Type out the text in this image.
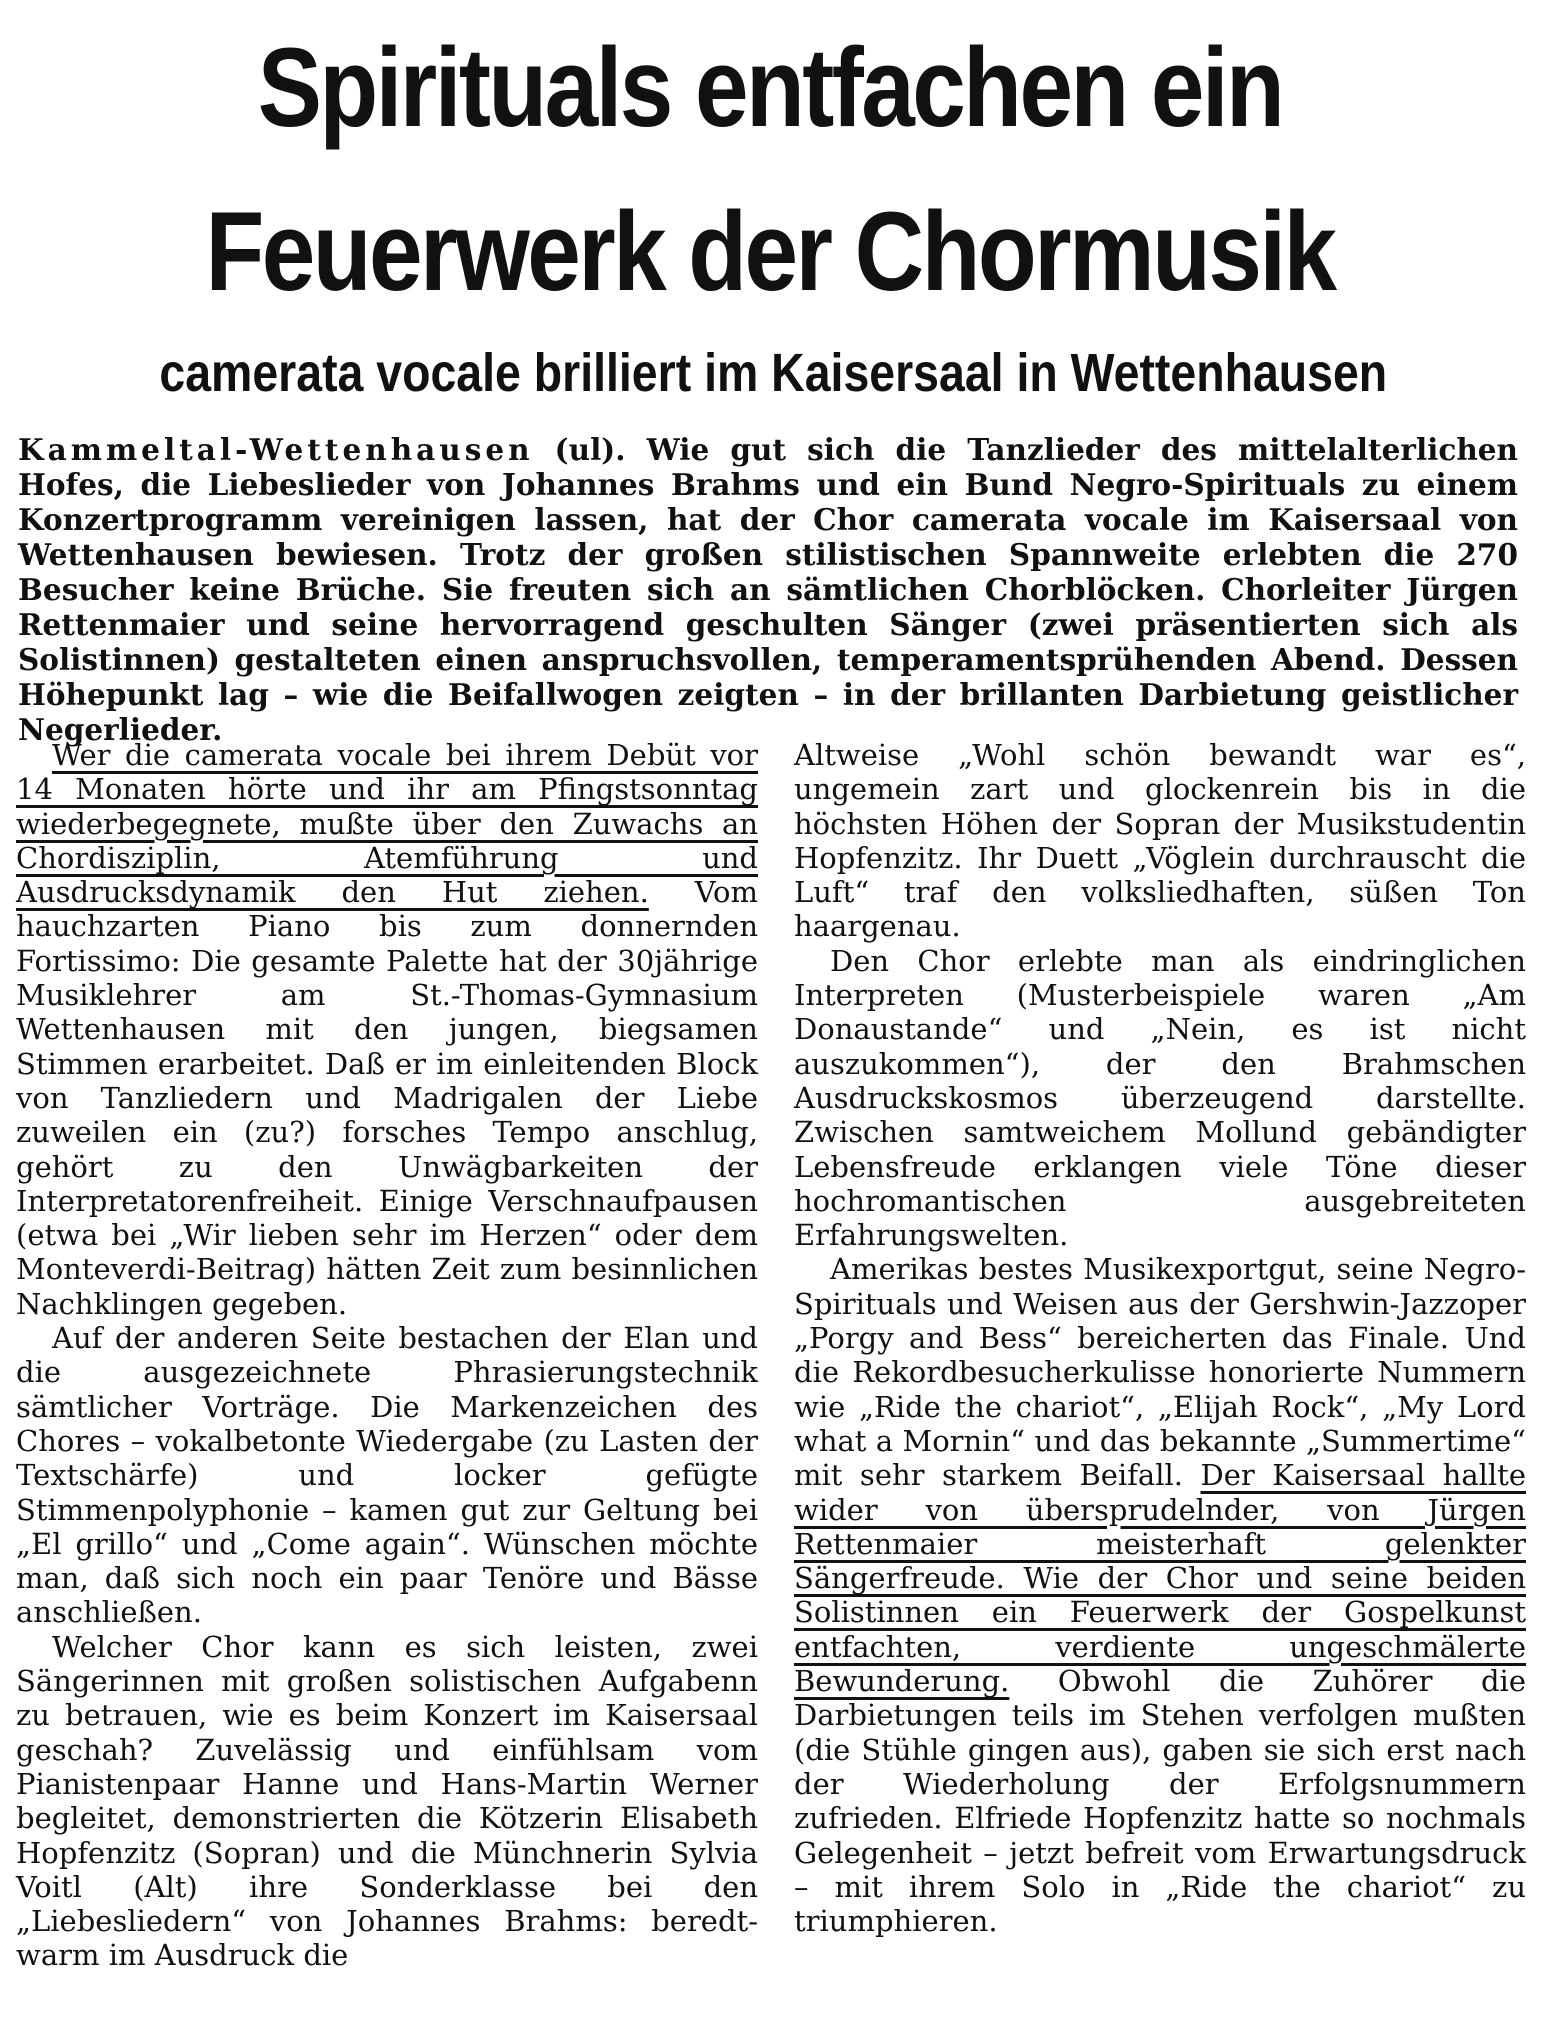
Spirituals entfachen ein
Feuerwerk der Chormusik
camerata vocale brilliert im Kaisersaal in Wettenhausen

Kammeltal-Wettenhausen (ul). Wie gut sich die Tanzlieder des mittelalterlichen Hofes, die Liebeslieder von Johannes Brahms und ein Bund Negro-Spirituals zu einem Konzertprogramm vereinigen lassen, hat der Chor camerata vocale im Kaisersaal von Wettenhausen bewiesen. Trotz der großen stilistischen Spannweite erlebten die 270 Besucher keine Brüche. Sie freuten sich an sämtlichen Chorblöcken. Chorleiter Jürgen Rettenmaier und seine hervorragend geschulten Sänger (zwei präsentierten sich als Solistinnen) gestalteten einen anspruchsvollen, temperamentsprühenden Abend. Dessen Höhepunkt lag – wie die Beifallwogen zeigten – in der brillanten Darbietung geistlicher Negerlieder.

Wer die camerata vocale bei ihrem Debüt vor 14 Monaten hörte und ihr am Pfingstsonntag wiederbegegnete, mußte über den Zuwachs an Chordisziplin, Atemführung und Ausdrucksdynamik den Hut ziehen. Vom hauchzarten Piano bis zum donnernden Fortissimo: Die gesamte Palette hat der 30jährige Musiklehrer am St.-Thomas-Gymnasium Wettenhausen mit den jungen, biegsamen Stimmen erarbeitet. Daß er im einleitenden Block von Tanzliedern und Madrigalen der Liebe zuweilen ein (zu?) forsches Tempo anschlug, gehört zu den Unwägbarkeiten der Interpretatorenfreiheit. Einige Verschnaufpausen (etwa bei „Wir lieben sehr im Herzen“ oder dem Monteverdi-Beitrag) hätten Zeit zum besinnlichen Nachklingen gegeben.

Auf der anderen Seite bestachen der Elan und die ausgezeichnete Phrasierungstechnik sämtlicher Vorträge. Die Markenzeichen des Chores – vokalbetonte Wiedergabe (zu Lasten der Textschärfe) und locker gefügte Stimmenpolyphonie – kamen gut zur Geltung bei „El grillo“ und „Come again“. Wünschen möchte man, daß sich noch ein paar Tenöre und Bässe anschließen.

Welcher Chor kann es sich leisten, zwei Sängerinnen mit großen solistischen Aufgabenn zu betrauen, wie es beim Konzert im Kaisersaal geschah? Zuvelässig und einfühlsam vom Pianistenpaar Hanne und Hans-Martin Werner begleitet, demonstrierten die Kötzerin Elisabeth Hopfenzitz (Sopran) und die Münchnerin Sylvia Voitl (Alt) ihre Sonderklasse bei den „Liebesliedern“ von Johannes Brahms: beredt-warm im Ausdruck die

Altweise „Wohl schön bewandt war es“, ungemein zart und glockenrein bis in die höchsten Höhen der Sopran der Musikstudentin Hopfenzitz. Ihr Duett „Vöglein durchrauscht die Luft“ traf den volksliedhaften, süßen Ton haargenau.

Den Chor erlebte man als eindringlichen Interpreten (Musterbeispiele waren „Am Donaustande“ und „Nein, es ist nicht auszukommen“), der den Brahmschen Ausdruckskosmos überzeugend darstellte. Zwischen samtweichem Mollund gebändigter Lebensfreude erklangen viele Töne dieser hochromantischen ausgebreiteten Erfahrungswelten.

Amerikas bestes Musikexportgut, seine Negro-Spirituals und Weisen aus der Gershwin-Jazzoper „Porgy and Bess“ bereicherten das Finale. Und die Rekordbesucherkulisse honorierte Nummern wie „Ride the chariot“, „Elijah Rock“, „My Lord what a Mornin“ und das bekannte „Summertime“ mit sehr starkem Beifall. Der Kaisersaal hallte wider von übersprudelnder, von Jürgen Rettenmaier meisterhaft gelenkter Sängerfreude. Wie der Chor und seine beiden Solistinnen ein Feuerwerk der Gospelkunst entfachten, verdiente ungeschmälerte Bewunderung. Obwohl die Zuhörer die Darbietungen teils im Stehen verfolgen mußten (die Stühle gingen aus), gaben sie sich erst nach der Wiederholung der Erfolgsnummern zufrieden. Elfriede Hopfenzitz hatte so nochmals Gelegenheit – jetzt befreit vom Erwartungsdruck – mit ihrem Solo in „Ride the chariot“ zu triumphieren.
